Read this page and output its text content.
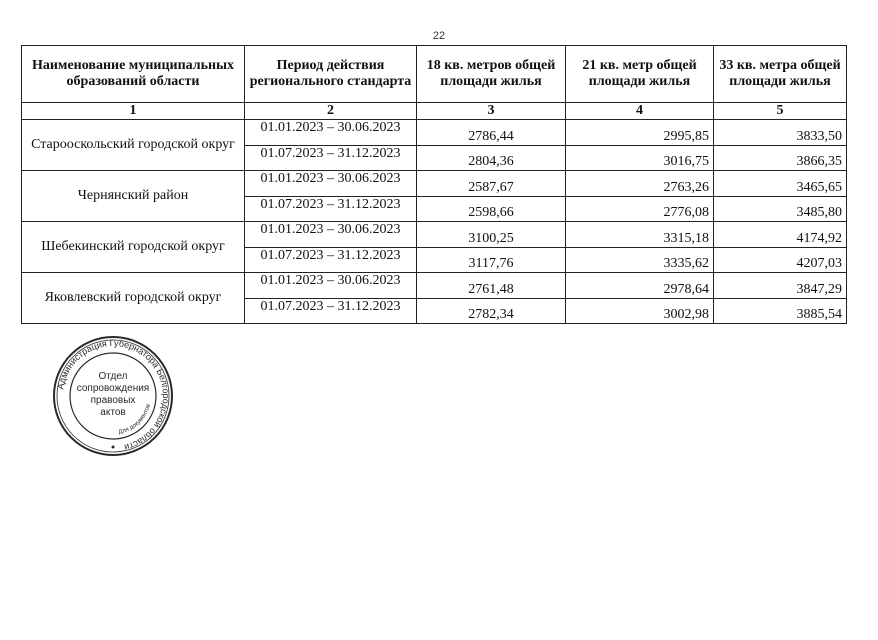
22
Наименование муниципальных образований области	Период действия регионального стандарта	18 кв. метров общей площади жилья	21 кв. метр общей площади жилья	33 кв. метра общей площади жилья
1	2	3	4	5
Старооскольский городской округ	01.01.2023 – 30.06.2023	2786,44	2995,85	3833,50
	01.07.2023 – 31.12.2023	2804,36	3016,75	3866,35
Чернянский район	01.01.2023 – 30.06.2023	2587,67	2763,26	3465,65
	01.07.2023 – 31.12.2023	2598,66	2776,08	3485,80
Шебекинский городской округ	01.01.2023 – 30.06.2023	3100,25	3315,18	4174,92
	01.07.2023 – 31.12.2023	3117,76	3335,62	4207,03
Яковлевский городской округ	01.01.2023 – 30.06.2023	2761,48	2978,64	3847,29
	01.07.2023 – 31.12.2023	2782,34	3002,98	3885,54
Администрация Губернатора Белгородской области
Для документов
Отдел
сопровождения
правовых
актов
